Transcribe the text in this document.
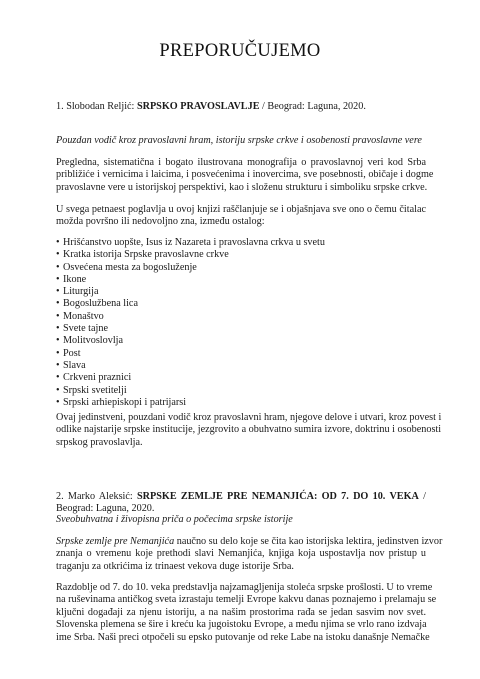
PREPORUČUJEMO
1. Slobodan Reljić: SRPSKO PRAVOSLAVLJE / Beograd: Laguna, 2020.
Pouzdan vodič kroz pravoslavni hram, istoriju srpske crkve i osobenosti pravoslavne vere
Pregledna, sistematična i bogato ilustrovana monografija o pravoslavnoj veri kod Srba
približiće i vernicima i laicima, i posvećenima i inovercima, sve posebnosti, običaje i dogme
pravoslavne vere u istorijskoj perspektivi, kao i složenu strukturu i simboliku srpske crkve.
U svega petnaest poglavlja u ovoj knjizi raščlanjuje se i objašnjava sve ono o čemu čitalac
možda površno ili nedovoljno zna, između ostalog:
• Hrišćanstvo uopšte, Isus iz Nazareta i pravoslavna crkva u svetu
• Kratka istorija Srpske pravoslavne crkve
• Osvećena mesta za bogosluženje
• Ikone
• Liturgija
• Bogoslužbena lica
• Monaštvo
• Svete tajne
• Molitvoslovlja
• Post
• Slava
• Crkveni praznici
• Srpski svetitelji
• Srpski arhiepiskopi i patrijarsi
Ovaj jedinstveni, pouzdani vodič kroz pravoslavni hram, njegove delove i utvari, kroz povest i
odlike najstarije srpske institucije, jezgrovito a obuhvatno sumira izvore, doktrinu i osobenosti
srpskog pravoslavlja.
2. Marko Aleksić: SRPSKE ZEMLJE PRE NEMANJIĆA: OD 7. DO 10. VEKA /
Beograd: Laguna, 2020.
Sveobuhvatna i živopisna priča o počecima srpske istorije
Srpske zemlje pre Nemanjića naučno su delo koje se čita kao istorijska lektira, jedinstven izvor
znanja o vremenu koje prethodi slavi Nemanjića, knjiga koja uspostavlja nov pristup u
traganju za otkrićima iz trinaest vekova duge istorije Srba.
Razdoblje od 7. do 10. veka predstavlja najzamagljenija stoleća srpske prošlosti. U to vreme
na ruševinama antičkog sveta izrastaju temelji Evrope kakvu danas poznajemo i prelamaju se
ključni događaji za njenu istoriju, a na našim prostorima rađa se jedan sasvim nov svet.
Slovenska plemena se šire i kreću ka jugoistoku Evrope, a među njima se vrlo rano izdvaja
ime Srba. Naši preci otpočeli su epsko putovanje od reke Labe na istoku današnje Nemačke
